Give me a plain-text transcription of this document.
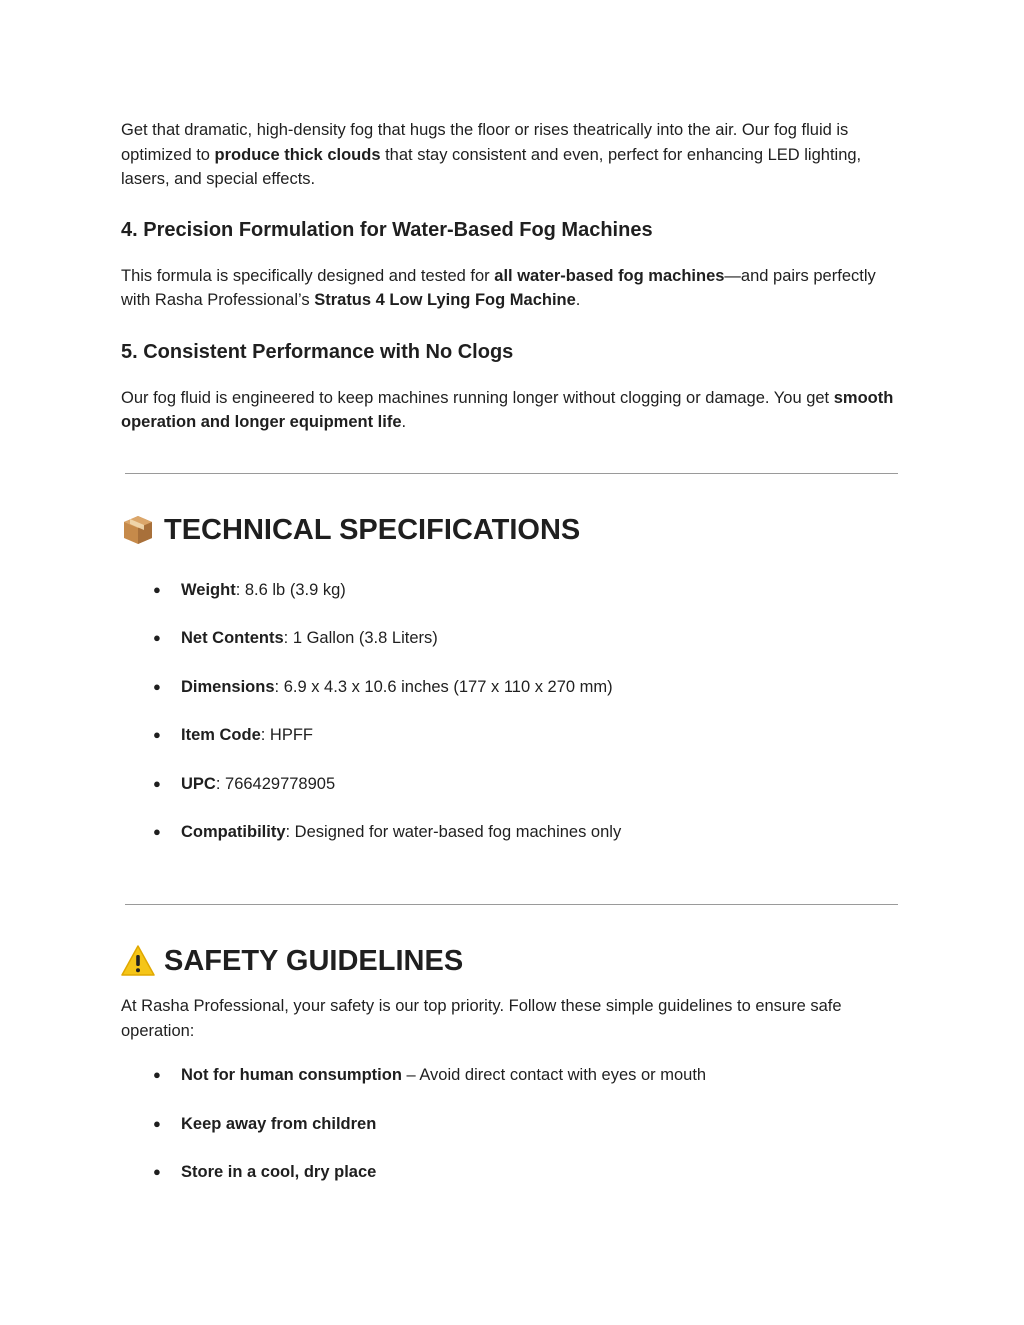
Get that dramatic, high-density fog that hugs the floor or rises theatrically into the air. Our fog fluid is optimized to produce thick clouds that stay consistent and even, perfect for enhancing LED lighting, lasers, and special effects.

4. Precision Formulation for Water-Based Fog Machines

This formula is specifically designed and tested for all water-based fog machines—and pairs perfectly with Rasha Professional’s Stratus 4 Low Lying Fog Machine.

5. Consistent Performance with No Clogs

Our fog fluid is engineered to keep machines running longer without clogging or damage. You get smooth operation and longer equipment life.

TECHNICAL SPECIFICATIONS
● Weight: 8.6 lb (3.9 kg)
● Net Contents: 1 Gallon (3.8 Liters)
● Dimensions: 6.9 x 4.3 x 10.6 inches (177 x 110 x 270 mm)
● Item Code: HPFF
● UPC: 766429778905
● Compatibility: Designed for water-based fog machines only
SAFETY GUIDELINES

At Rasha Professional, your safety is our top priority. Follow these simple guidelines to ensure safe operation:

● Not for human consumption – Avoid direct contact with eyes or mouth
● Keep away from children
● Store in a cool, dry place
